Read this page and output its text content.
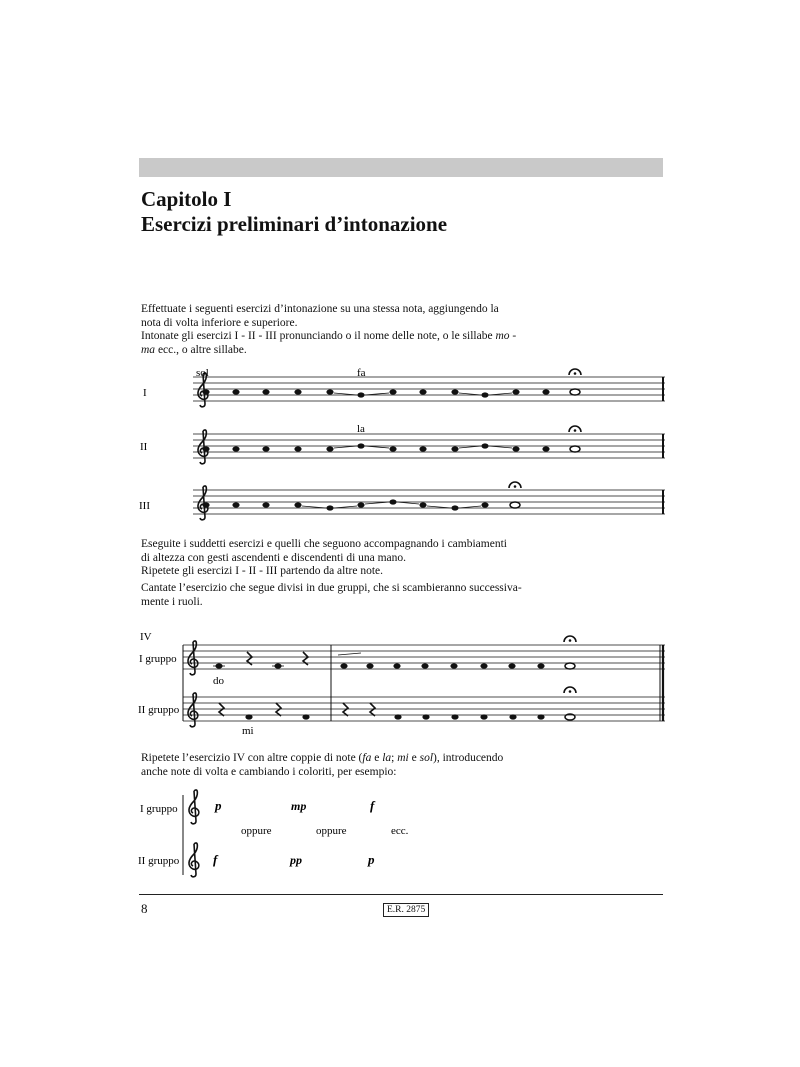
Capitolo I
Esercizi preliminari d’intonazione
Effettuate i seguenti esercizi d’intonazione su una stessa nota, aggiungendo la
nota di volta inferiore e superiore.
Intonate gli esercizi I - II - III pronunciando o il nome delle note, o le sillabe mo -
ma ecc., o altre sillabe.
Eseguite i suddetti esercizi e quelli che seguono accompagnando i cambiamenti
di altezza con gesti ascendenti e discendenti di una mano.
Ripetete gli esercizi I - II - III partendo da altre note.
Cantate l’esercizio che segue divisi in due gruppi, che si scambieranno successiva-
mente i ruoli.
Ripetete l’esercizio IV con altre coppie di note (fa e la; mi e sol), introducendo
anche note di volta e cambiando i coloriti, per esempio:
I
sol	fa
II
la
III
IV
I gruppo
II gruppo
do
mi
I gruppo
II gruppo
p	mp	f
oppure	oppure	ecc.
f	pp	p
8	E.R. 2875
